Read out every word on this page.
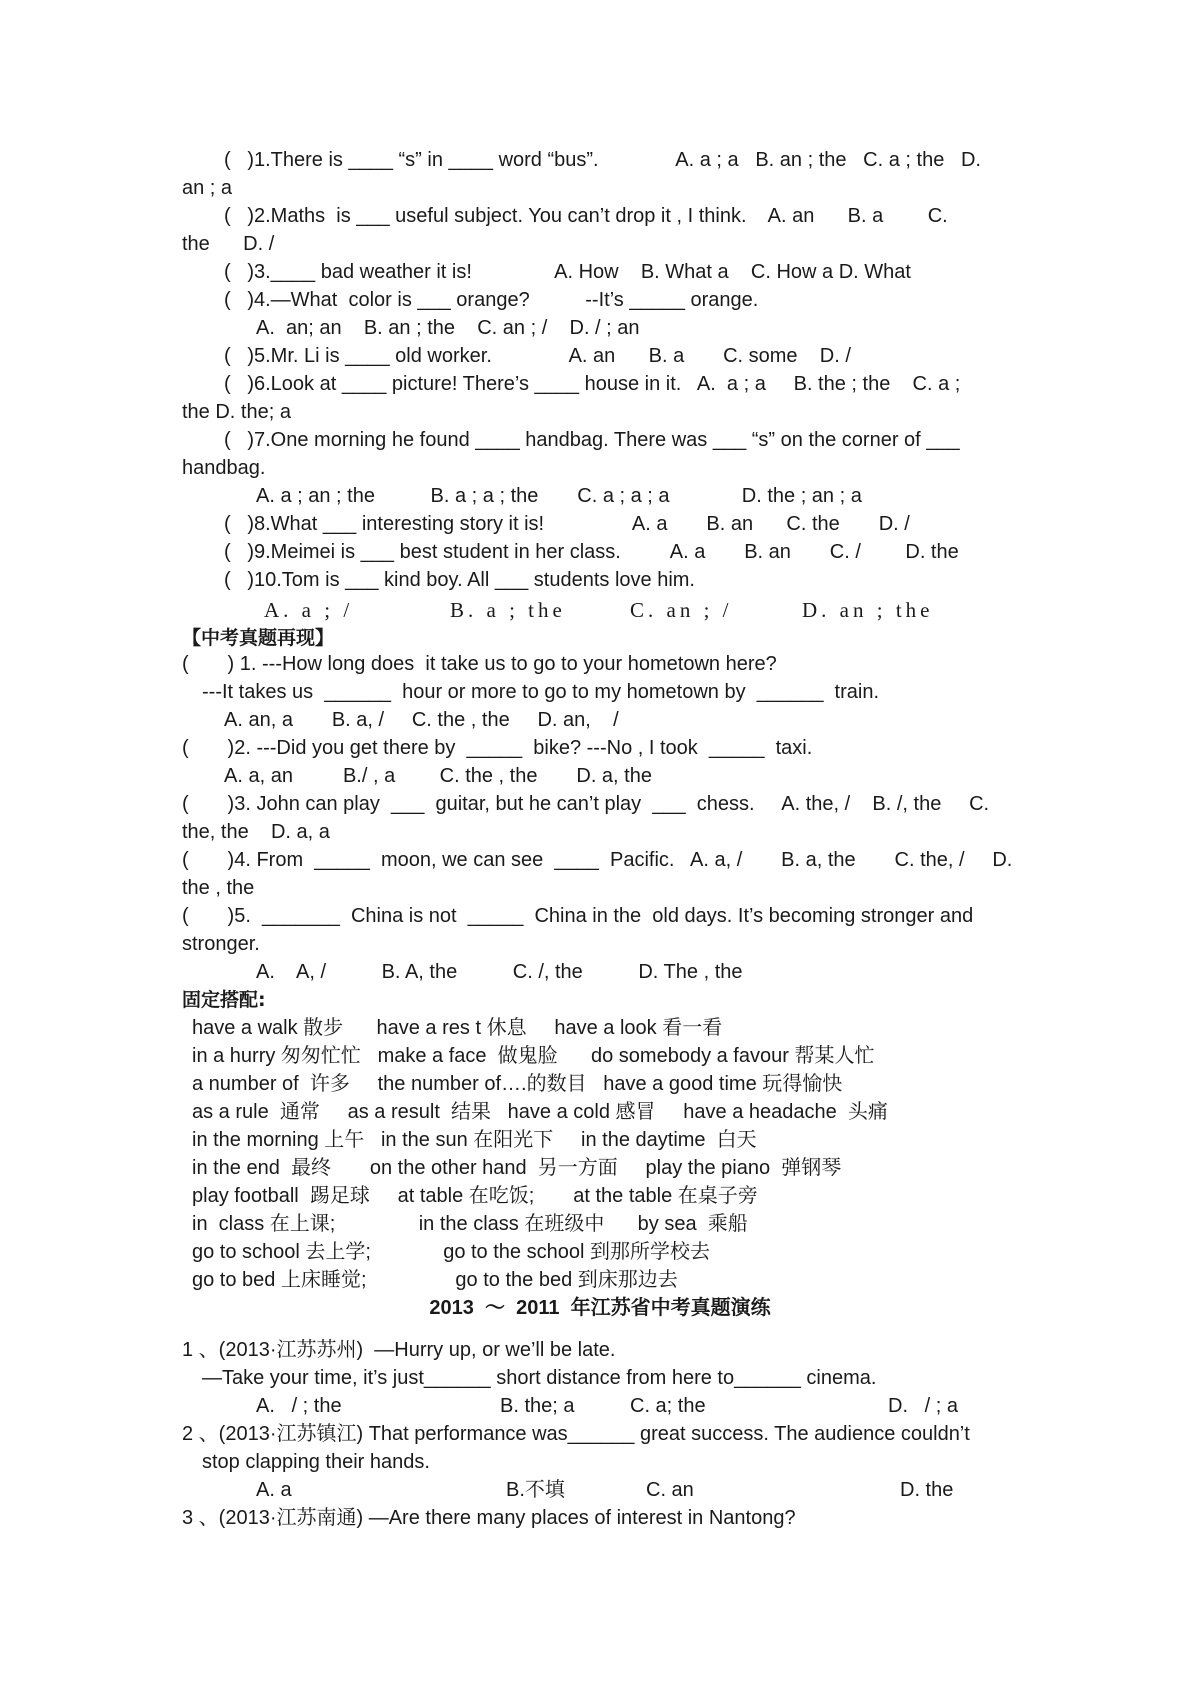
(   )1.There is ____ “s” in ____ word “bus”.              A. a ; a   B. an ; the   C. a ; the   D.
an ; a
(   )2.Maths  is ___ useful subject. You can’t drop it , I think.    A. an      B. a        C.
the      D. /
(   )3.____ bad weather it is!               A. How    B. What a    C. How a D. What
(   )4.—What  color is ___ orange?          --It’s _____ orange.
A.  an; an    B. an ; the    C. an ; /    D. / ; an
(   )5.Mr. Li is ____ old worker.              A. an      B. a       C. some    D. /
(   )6.Look at ____ picture! There’s ____ house in it.   A.  a ; a     B. the ; the    C. a ;
the D. the; a
(   )7.One morning he found ____ handbag. There was ___ “s” on the corner of ___
handbag.
A. a ; an ; the          B. a ; a ; the       C. a ; a ; a             D. the ; an ; a
(   )8.What ___ interesting story it is!                A. a       B. an      C. the       D. /
(   )9.Meimei is ___ best student in her class.         A. a       B. an       C. /        D. the
(   )10.Tom is ___ kind boy. All ___ students love him.
A. a ; /	B. a ; the	C. an ; /	D. an ; the
【中考真题再现】
(       ) 1. ---How long does  it take us to go to your hometown here?
---It takes us  ______  hour or more to go to my hometown by  ______  train.
A. an, a       B. a, /     C. the , the     D. an,    /
(       )2. ---Did you get there by  _____  bike? ---No , I took  _____  taxi.
A. a, an         B./ , a        C. the , the       D. a, the
(       )3. John can play  ___  guitar, but he can’t play  ___  chess.     A. the, /    B. /, the     C.
the, the    D. a, a
(       )4. From  _____  moon, we can see  ____  Pacific.   A. a, /       B. a, the       C. the, /     D.
the , the
(       )5.  _______  China is not  _____  China in the  old days. It’s becoming stronger and
stronger.
A.    A, /          B. A, the          C. /, the          D. The , the
固定搭配:
have a walk 散步      have a res t 休息     have a look 看一看
in a hurry 匆匆忙忙   make a face  做鬼脸      do somebody a favour 帮某人忙
a number of  许多     the number of….的数目   have a good time 玩得愉快
as a rule  通常     as a result  结果   have a cold 感冒     have a headache  头痛
in the morning 上午   in the sun 在阳光下     in the daytime  白天
in the end  最终       on the other hand  另一方面     play the piano  弹钢琴
play football  踢足球     at table 在吃饭;       at the table 在桌子旁
in  class 在上课;               in the class 在班级中      by sea  乘船
go to school 去上学;             go to the school 到那所学校去
go to bed 上床睡觉;                go to the bed 到床那边去
2013  ～  2011  年江苏省中考真题演练
1 、(2013·江苏苏州)  —Hurry up, or we’ll be late.
—Take your time, it’s just______ short distance from here to______ cinema.
2 、(2013·江苏镇江) That performance was______ great success. The audience couldn’t
stop clapping their hands.
3 、(2013·江苏南通) —Are there many places of interest in Nantong?
A.   / ; the	B. the; a	C. a; the	D.   / ; a
A. a	B.不填	C. an	D. the
